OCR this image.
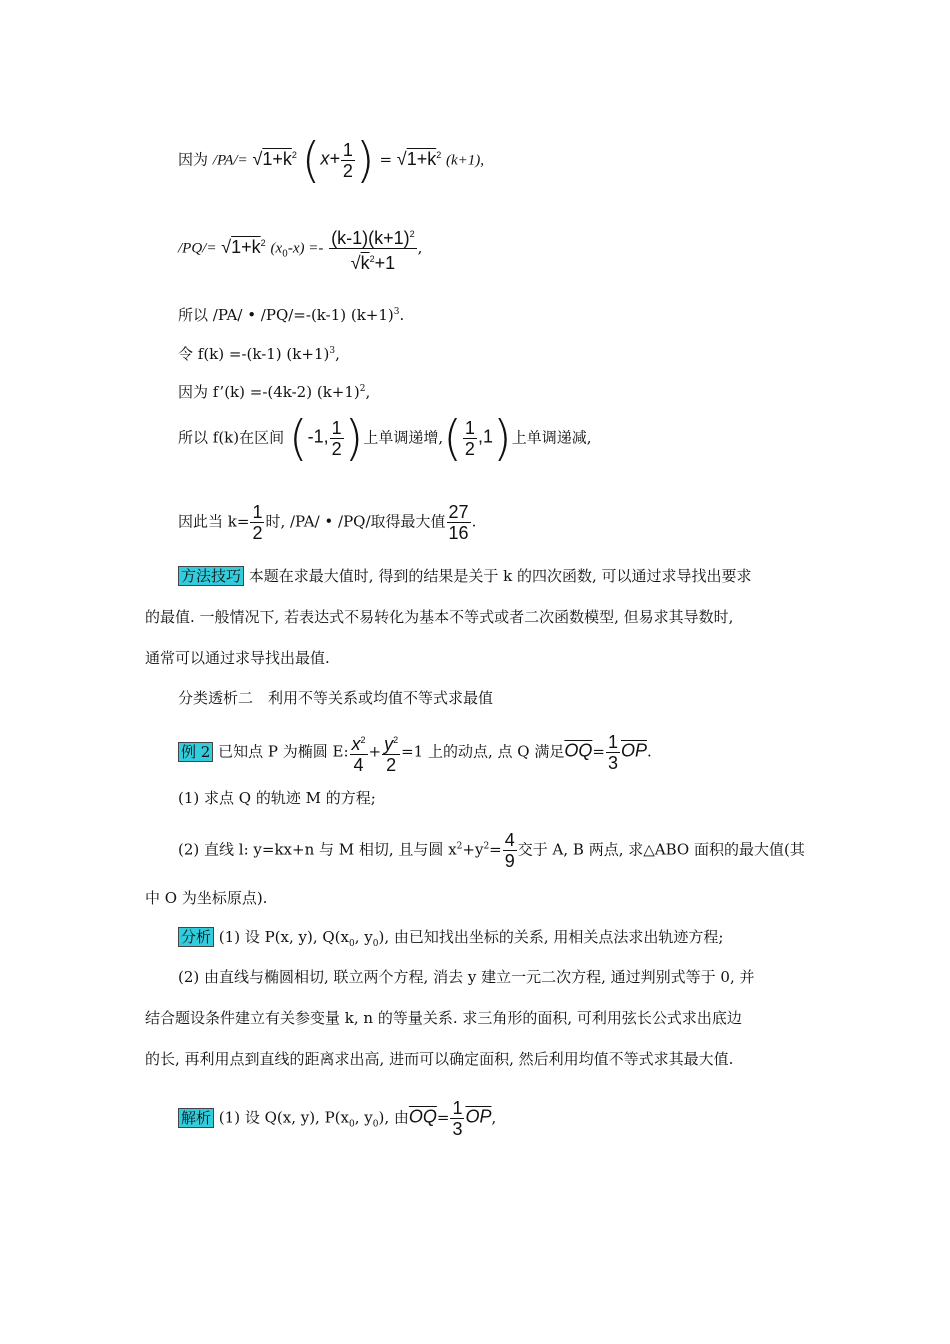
因为 $/PA/= √1+k^2$ ($x+ \frac{1}{2}$ ) = $√1+k^2$ (k+1),
$/PQ/= √1+k^2$ $(x_0-x) =- \frac{(k-1)(k+1)^2}{√k^2+1}$ ,
所以 /PA/ • /PQ/=-(k-1) $(k+1)^3$.
令 f(k) =-(k-1) $(k+1)^3$,
因为 f’(k) =-(4k-2) $(k+1)^2$,
所以 f(k)在区间 (-1, $\frac{1}{2}$ )上单调递增,( $\frac{1}{2} ,1$)上单调递减,
因此当 $k= \frac{1}{2}$ 时, /PA/ • /PQ/取得最大值 $\frac{27}{16}$ .
方法技巧 本题在求最大值时, 得到的结果是关于 k 的四次函数, 可以通过求导找出要求
的最值. 一般情况下, 若表达式不易转化为基本不等式或者二次函数模型, 但易求其导数时,
通常可以通过求导找出最值.
分类透析二　利用不等关系或均值不等式求最值
例 2 已知点 P 为椭圆 E: $\frac{x^2}{4} + \frac{y^2}{2} =1$ 上的动点, 点 Q 满足$\overline{OQ}= \frac{1}{3} \overline{OP}$.
(1) 求点 Q 的轨迹 M 的方程;
(2) 直线 l: y=kx+n 与 M 相切, 且与圆 $x^2+y^2= \frac{4}{9}$ 交于 A, B 两点, 求△ABO 面积的最大值(其
中 O 为坐标原点).
分析 (1) 设 P(x, y), $Q(x_0$, $y_0$), 由已知找出坐标的关系, 用相关点法求出轨迹方程;
(2) 由直线与椭圆相切, 联立两个方程, 消去 y 建立一元二次方程, 通过判别式等于 0, 并
结合题设条件建立有关参变量 k, n 的等量关系. 求三角形的面积, 可利用弦长公式求出底边
的长, 再利用点到直线的距离求出高, 进而可以确定面积, 然后利用均值不等式求其最大值.
解析 (1) 设 Q(x, y), $P(x_0$, $y_0$), 由$\overline{OQ}= \frac{1}{3} \overline{OP}$,
